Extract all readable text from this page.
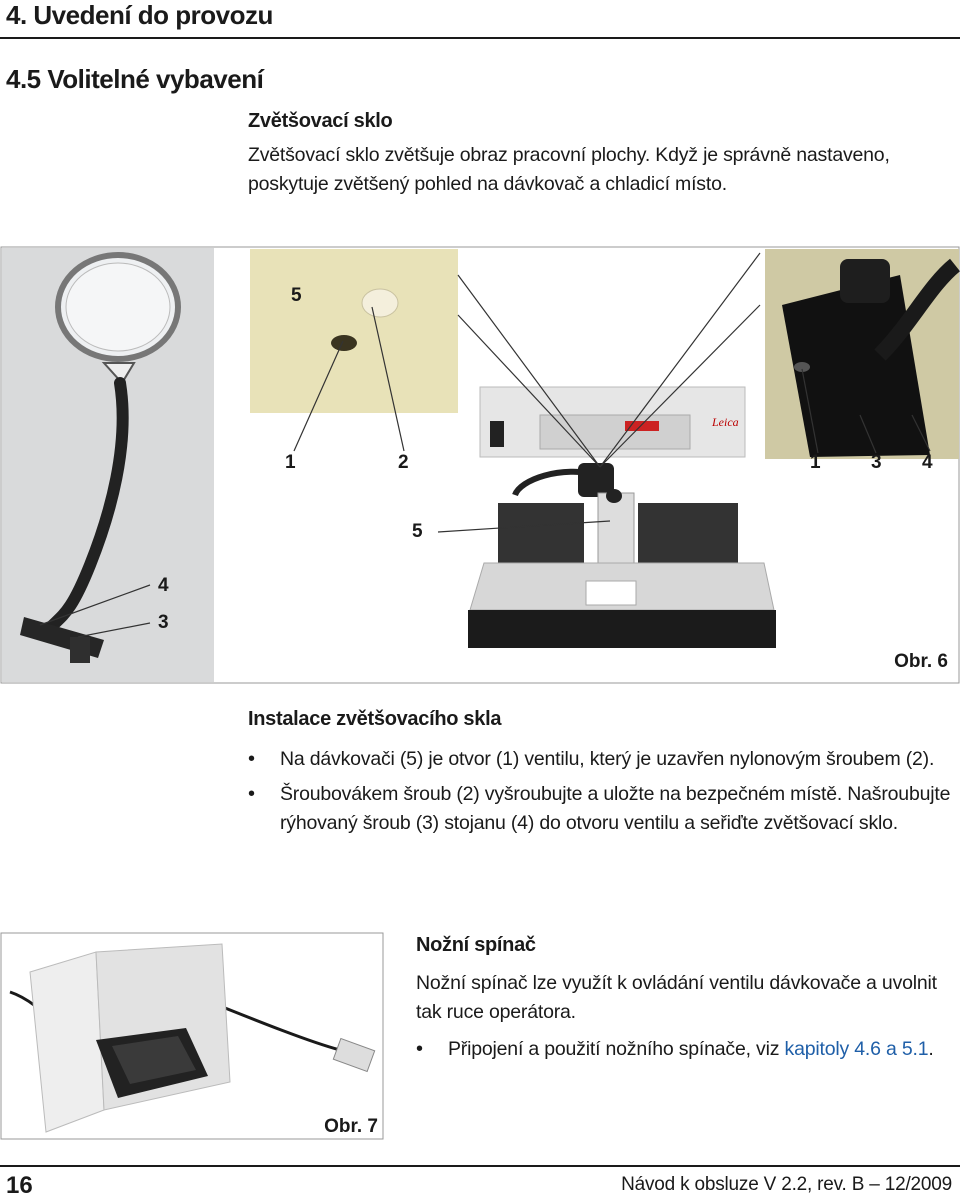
4. Uvedení do provozu
4.5 Volitelné vybavení
Zvětšovací sklo

Zvětšovací sklo zvětšuje obraz pracovní plochy. Když je správně nastaveno, poskytuje zvětšený pohled na dávkovač a chladicí místo.

Leica
5
1	2	1	3 4
5
4
3
Obr. 6
Instalace zvětšovacího skla
• Na dávkovači (5) je otvor (1) ventilu, který je uzavřen nylonovým šroubem (2).
• Šroubovákem šroub (2) vyšroubujte a uložte na bezpečném místě. Našroubujte rýhovaný šroub (3) stojanu (4) do otvoru ventilu a seřiďte zvětšovací sklo.
Obr. 7
Nožní spínač

Nožní spínač lze využít k ovládání ventilu dávkovače a uvolnit tak ruce operátora.

• Připojení a použití nožního spínače, viz kapitoly 4.6 a 5.1.
16	Návod k obsluze V 2.2, rev. B – 12/2009
